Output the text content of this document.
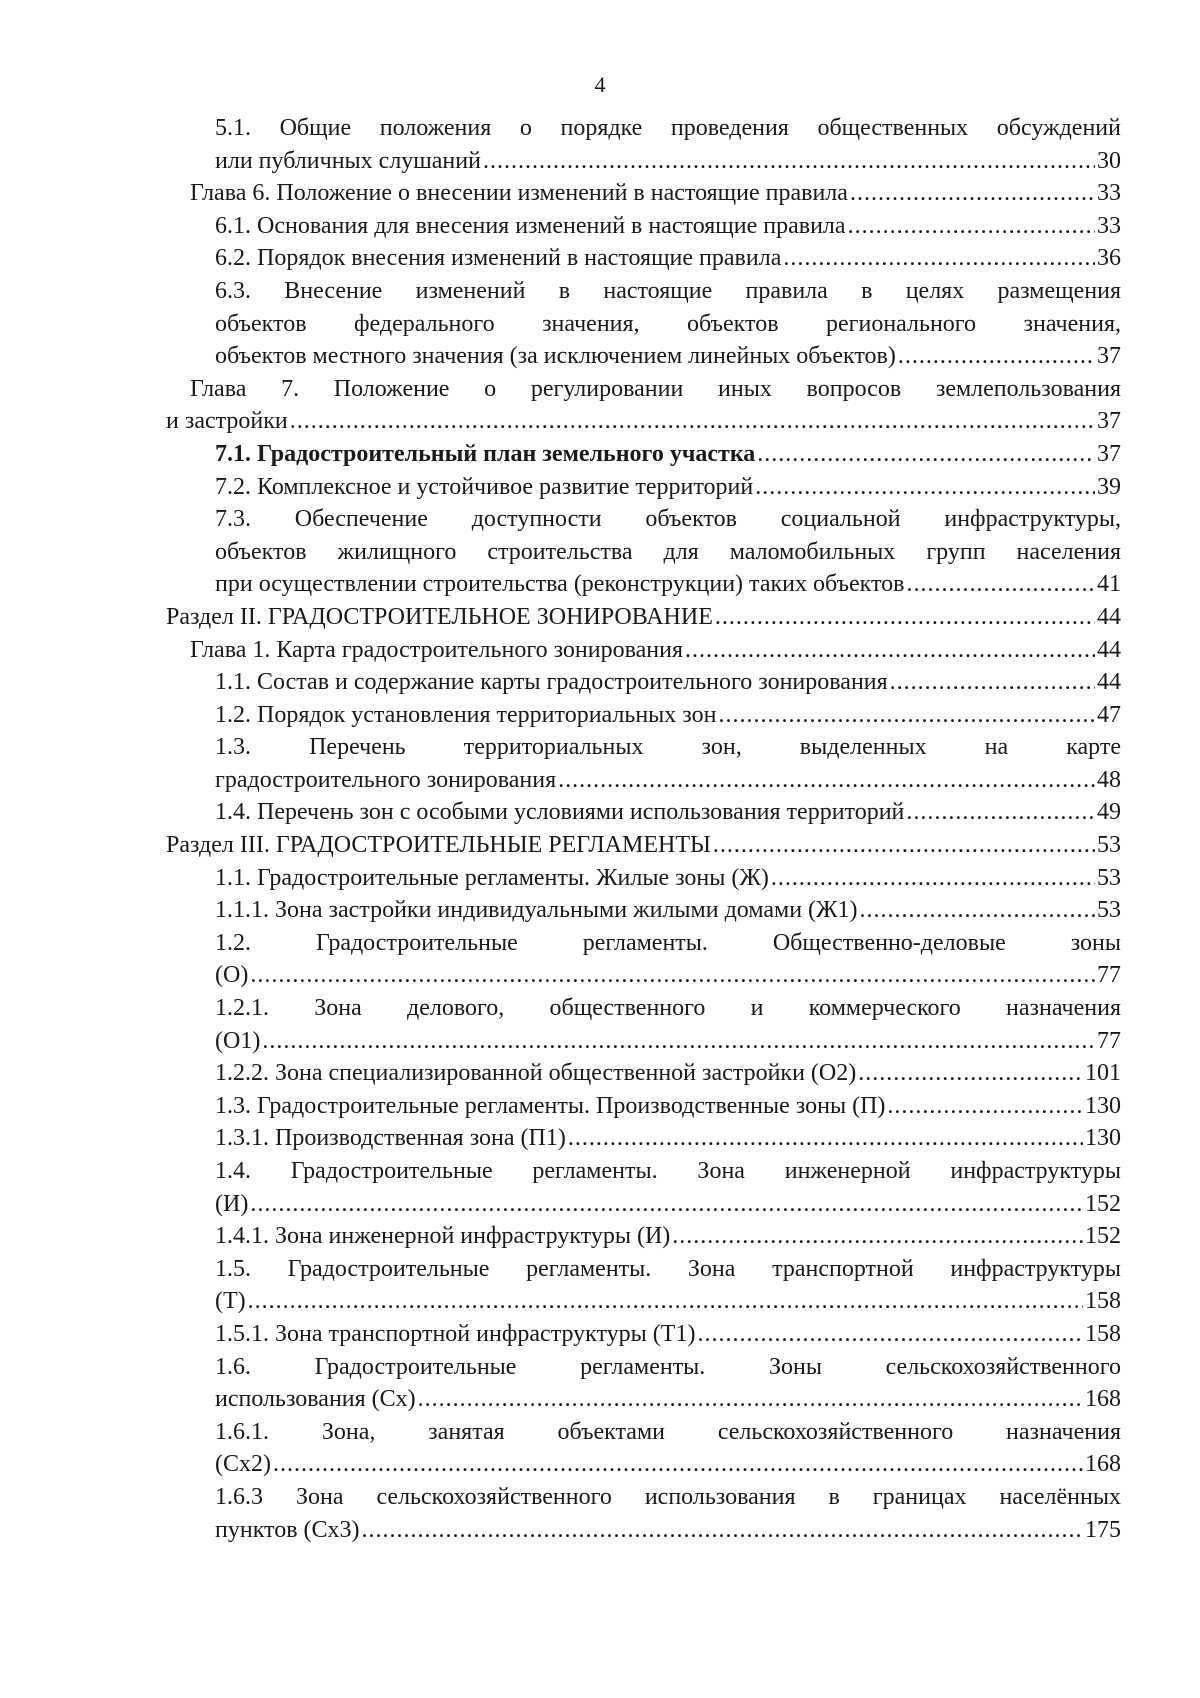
4
5.1. Общие положения о порядке проведения общественных обсуждений
или публичных слушаний .....	30
Глава 6. Положение о внесении изменений в настоящие правила .....	33
6.1. Основания для внесения изменений в настоящие правила .....	33
6.2. Порядок внесения изменений в настоящие правила .....	36
6.3. Внесение изменений в настоящие правила в целях размещения
объектов федерального значения, объектов регионального значения,
объектов местного значения (за исключением линейных объектов) .....	37
Глава 7. Положение о регулировании иных вопросов землепользования
и застройки .....	37
7.1. Градостроительный план земельного участка .....	37
7.2. Комплексное и устойчивое развитие территорий .....	39
7.3. Обеспечение доступности объектов социальной инфраструктуры,
объектов жилищного строительства для маломобильных групп населения
при осуществлении строительства (реконструкции) таких объектов .....	41
Раздел II. ГРАДОСТРОИТЕЛЬНОЕ ЗОНИРОВАНИЕ .....	44
Глава 1. Карта градостроительного зонирования .....	44
1.1. Состав и содержание карты градостроительного зонирования .....	44
1.2. Порядок установления территориальных зон .....	47
1.3. Перечень территориальных зон, выделенных на карте
градостроительного зонирования .....	48
1.4. Перечень зон с особыми условиями использования территорий .....	49
Раздел III. ГРАДОСТРОИТЕЛЬНЫЕ РЕГЛАМЕНТЫ .....	53
1.1. Градостроительные регламенты. Жилые зоны (Ж) .....	53
1.1.1. Зона застройки индивидуальными жилыми домами (Ж1) .....	53
1.2. Градостроительные регламенты. Общественно-деловые зоны
(О) .....	77
1.2.1. Зона делового, общественного и коммерческого назначения
(О1) .....	77
1.2.2. Зона специализированной общественной застройки (О2) .....	101
1.3. Градостроительные регламенты. Производственные зоны (П) .....	130
1.3.1. Производственная зона (П1) .....	130
1.4. Градостроительные регламенты. Зона инженерной инфраструктуры
(И) .....	152
1.4.1. Зона инженерной инфраструктуры (И) .....	152
1.5. Градостроительные регламенты. Зона транспортной инфраструктуры
(Т) .....	158
1.5.1. Зона транспортной инфраструктуры (Т1) .....	158
1.6. Градостроительные регламенты. Зоны сельскохозяйственного
использования (Сх) .....	168
1.6.1. Зона, занятая объектами сельскохозяйственного назначения
(Сх2) .....	168
1.6.3 Зона сельскохозяйственного использования в границах населённых
пунктов (Сх3) .....	175
